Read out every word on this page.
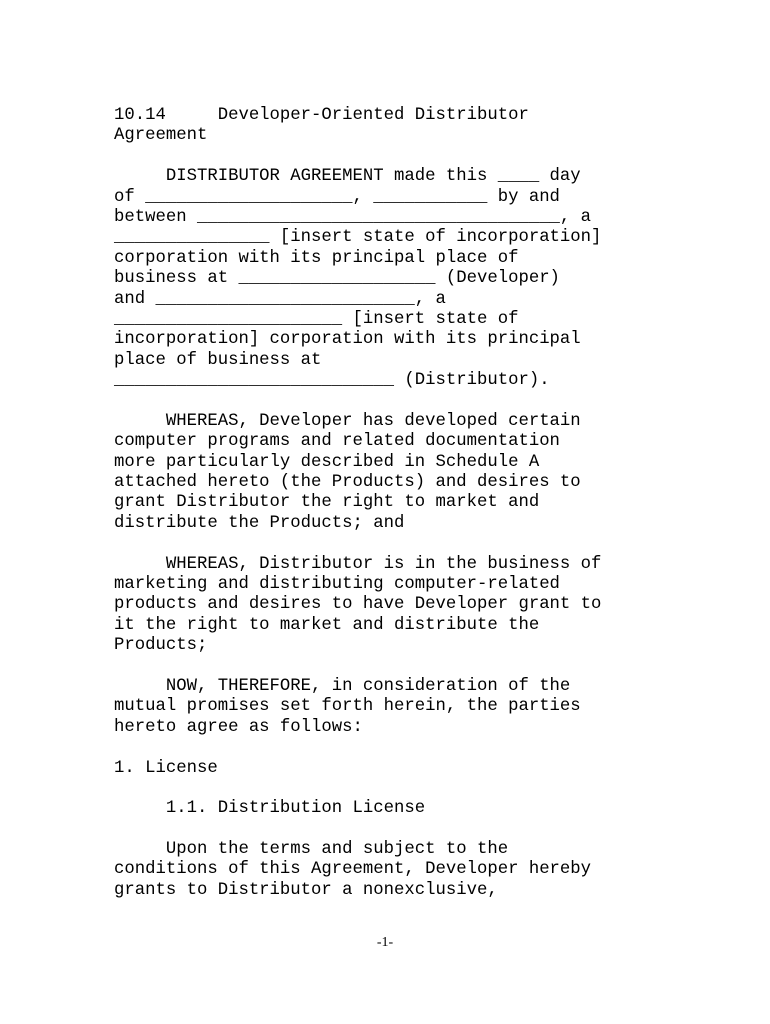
10.14     Developer-Oriented Distributor
Agreement
DISTRIBUTOR AGREEMENT made this ____ day
of ____________________, ___________ by and
between ___________________________________, a
_______________ [insert state of incorporation]
corporation with its principal place of
business at ___________________ (Developer)
and _________________________, a
______________________ [insert state of
incorporation] corporation with its principal
place of business at
___________________________ (Distributor).
WHEREAS, Developer has developed certain
computer programs and related documentation
more particularly described in Schedule A
attached hereto (the Products) and desires to
grant Distributor the right to market and
distribute the Products; and
WHEREAS, Distributor is in the business of
marketing and distributing computer-related
products and desires to have Developer grant to
it the right to market and distribute the
Products;
NOW, THEREFORE, in consideration of the
mutual promises set forth herein, the parties
hereto agree as follows:
1. License
1.1. Distribution License
Upon the terms and subject to the
conditions of this Agreement, Developer hereby
grants to Distributor a nonexclusive,
-1-
